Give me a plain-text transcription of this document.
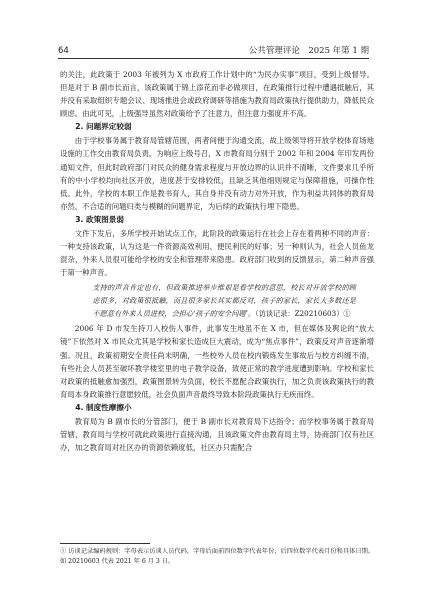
64	公共管理评论　2025 年第 1 期

的关注，此政策于 2003 年被列为 X 市政府工作计划中的“为民办实事”项目，受到上级督导。但是对于 B 副市长而言，该政策属于锦上添花而非必做项目，在政策推行过程中遭遇抵触后，其并没有采取组织专题会议、现场推进会或政府调研等措施为教育局政策执行提供助力，降低民众顾虑。由此可见，上级强导虽然对政策给予了注意力，但注意力强度并不高。

2. 问题界定较弱

由于学校事务属于教育局管辖范围，两者间便于沟通交流，故上级领导将开放学校体育场地设施的工作交由教育局负责。为响应上级号召，X 市教育局分别于 2002 年和 2004 年印发两份通知文件，但此时政府部门对民众的健身需求程度与开放边界的认识并不清晰，文件要求几乎所有的中小学校均向社区开放，进度甚于安排较低，且缺乏其他细则规定与保障措施，可操作性低。此外，学校的本职工作是教书育人，其自身并没有动力对外开放，作为利益共同体的教育局亦然。不合适的问题归类与模糊的问题界定，为后续的政策执行埋下隐患。

3. 政策图景弱

文件下发后，多所学校开始试点工作，此阶段的政策运行在社会上存在着两种不同的声音：一种支持该政策，认为这是一件资源高效利用、便民利民的好事；另一种则认为，社会人员鱼龙混杂，外来人员很可能给学校的安全和管理带来隐患。政府部门收到的反馈显示，第二种声音强于第一种声音。

支持的声音肯定也有，但政策推进举步维艰是看学校的意思，校长对开放学校的顾虑很多，对政策很抵触，而且很多家长其实都反对，孩子的家长，家长大多数还是不愿意有外来人员进校，会担心‘孩子的安全问题’。（访谈记录：Z20210603）①

2006 年 D 市发生持刀入校伤人事件，此事发生地虽不在 X 市，但在媒体及舆论的“放大镜”下依然对 X 市民众尤其是学校和家长造成巨大震动，成为“焦点事件”，政策反对声音逐渐增强。况且，政策初期安全责任尚未明确，一些校外人员在校内锻炼发生事故后与校方纠缠不清，有些社会人员甚至破坏教学楼室里的电子教学设备，致使正常的教学进度遭到影响。学校和家长对政策的抵触愈加强烈，政策图景转为负面，校长不愿配合政策执行，加之负责该政策执行的教育局本身政策推行意愿较低，社会负面声音最终导致本阶段政策执行无疾而终。

4. 制度性摩擦小

教育局为 B 副市长的分管部门，便于 B 副市长对教育局下达指令；而学校事务属于教育局管辖，教育局与学校可就此政策进行直接沟通，且该政策文件由教育局主导，协商部门仅有社区办，加之教育局对社区办的资源依赖度低，社区办只需配合

① 访谈记录编码规则：字母表示访谈人员代码，字母后面前四位数字代表年份，后四位数字代表月份和具体日期。如 20210603 代表 2021 年 6 月 3 日。
